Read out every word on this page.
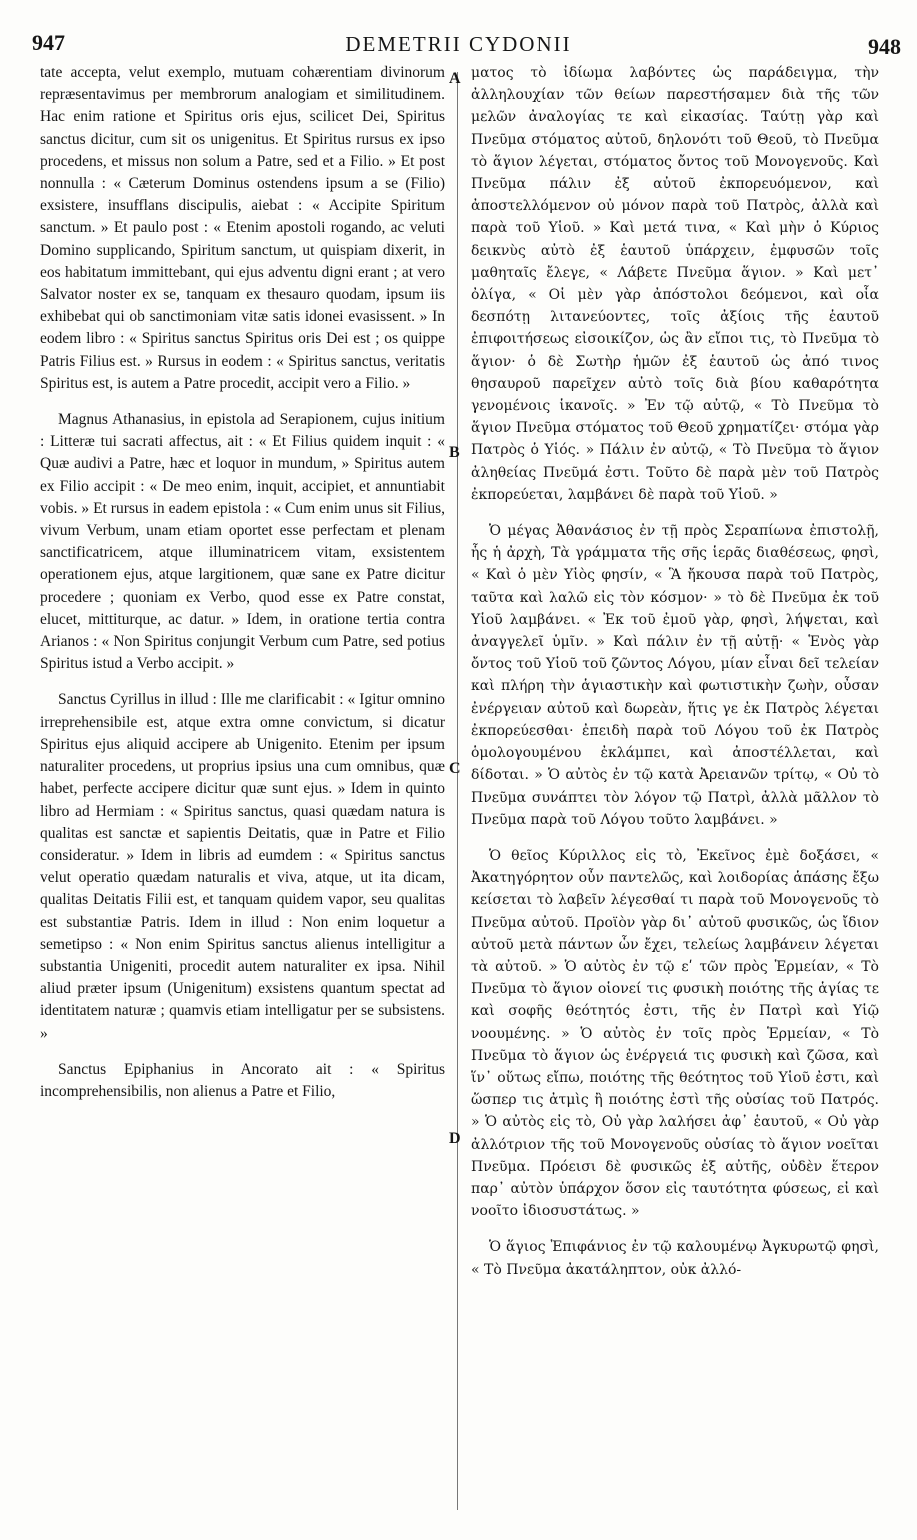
947	DEMETRII CYDONII	948

tate accepta, velut exemplo, mutuam cohærentiam divinorum repræsentavimus per membrorum analogiam et similitudinem. Hac enim ratione et Spiritus oris ejus, scilicet Dei, Spiritus sanctus dicitur, cum sit os unigenitus. Et Spiritus rursus ex ipso procedens, et missus non solum a Patre, sed et a Filio. » Et post nonnulla : « Cæterum Dominus ostendens ipsum a se (Filio) exsistere, insufflans discipulis, aiebat : « Accipite Spiritum sanctum. » Et paulo post : « Etenim apostoli rogando, ac veluti Domino supplicando, Spiritum sanctum, ut quispiam dixerit, in eos habitatum immittebant, qui ejus adventu digni erant ; at vero Salvator noster ex se, tanquam ex thesauro quodam, ipsum iis exhibebat qui ob sanctimoniam vitæ satis idonei evasissent. » In eodem libro : « Spiritus sanctus Spiritus oris Dei est ; os quippe Patris Filius est. » Rursus in eodem : « Spiritus sanctus, veritatis Spiritus est, is autem a Patre procedit, accipit vero a Filio. »

Magnus Athanasius, in epistola ad Serapionem, cujus initium : Litteræ tui sacrati affectus, ait : « Et Filius quidem inquit : « Quæ audivi a Patre, hæc et loquor in mundum, » Spiritus autem ex Filio accipit : « De meo enim, inquit, accipiet, et annuntiabit vobis. » Et rursus in eadem epistola : « Cum enim unus sit Filius, vivum Verbum, unam etiam oportet esse perfectam et plenam sanctificatricem, atque illuminatricem vitam, exsistentem operationem ejus, atque largitionem, quæ sane ex Patre dicitur procedere ; quoniam ex Verbo, quod esse ex Patre constat, elucet, mittiturque, ac datur. » Idem, in oratione tertia contra Arianos : « Non Spiritus conjungit Verbum cum Patre, sed potius Spiritus istud a Verbo accipit. »

Sanctus Cyrillus in illud : Ille me clarificabit : « Igitur omnino irreprehensibile est, atque extra omne convictum, si dicatur Spiritus ejus aliquid accipere ab Unigenito. Etenim per ipsum naturaliter procedens, ut proprius ipsius una cum omnibus, quæ habet, perfecte accipere dicitur quæ sunt ejus. » Idem in quinto libro ad Hermiam : « Spiritus sanctus, quasi quædam natura is qualitas est sanctæ et sapientis Deitatis, quæ in Patre et Filio consideratur. » Idem in libris ad eumdem : « Spiritus sanctus velut operatio quædam naturalis et viva, atque, ut ita dicam, qualitas Deitatis Filii est, et tanquam quidem vapor, seu qualitas est substantiæ Patris. Idem in illud : Non enim loquetur a semetipso : « Non enim Spiritus sanctus alienus intelligitur a substantia Unigeniti, procedit autem naturaliter ex ipsa. Nihil aliud præter ipsum (Unigenitum) exsistens quantum spectat ad identitatem naturæ ; quamvis etiam intelligatur per se subsistens. »

Sanctus Epiphanius in Ancorato ait : « Spiritus incomprehensibilis, non alienus a Patre et Filio,

A
B
C
D

ματος τὸ ἰδίωμα λαβόντες ὡς παράδειγμα, τὴν ἀλληλουχίαν τῶν θείων παρεστήσαμεν διὰ τῆς τῶν μελῶν ἀναλογίας τε καὶ εἰκασίας. Ταύτῃ γὰρ καὶ Πνεῦμα στόματος αὐτοῦ, δηλονότι τοῦ Θεοῦ, τὸ Πνεῦμα τὸ ἅγιον λέγεται, στόματος ὄντος τοῦ Μονογενοῦς. Καὶ Πνεῦμα πάλιν ἐξ αὐτοῦ ἐκπορευόμενον, καὶ ἀποστελλόμενον οὐ μόνον παρὰ τοῦ Πατρὸς, ἀλλὰ καὶ παρὰ τοῦ Υἱοῦ. » Καὶ μετά τινα, « Καὶ μὴν ὁ Κύριος δεικνὺς αὐτὸ ἐξ ἑαυτοῦ ὑπάρχειν, ἐμφυσῶν τοῖς μαθηταῖς ἔλεγε, « Λάβετε Πνεῦμα ἅγιον. » Καὶ μετ᾽ ὀλίγα, « Οἱ μὲν γὰρ ἀπόστολοι δεόμενοι, καὶ οἷα δεσπότῃ λιτανεύοντες, τοῖς ἀξίοις τῆς ἑαυτοῦ ἐπιφοιτήσεως εἰσοικίζον, ὡς ἂν εἴποι τις, τὸ Πνεῦμα τὸ ἅγιον· ὁ δὲ Σωτὴρ ἡμῶν ἐξ ἑαυτοῦ ὡς ἀπό τινος θησαυροῦ παρεῖχεν αὐτὸ τοῖς διὰ βίου καθαρότητα γενομένοις ἱκανοῖς. » Ἐν τῷ αὐτῷ, « Τὸ Πνεῦμα τὸ ἅγιον Πνεῦμα στόματος τοῦ Θεοῦ χρηματίζει· στόμα γὰρ Πατρὸς ὁ Υἱός. » Πάλιν ἐν αὐτῷ, « Τὸ Πνεῦμα τὸ ἅγιον ἀληθείας Πνεῦμά ἐστι. Τοῦτο δὲ παρὰ μὲν τοῦ Πατρὸς ἐκπορεύεται, λαμβάνει δὲ παρὰ τοῦ Υἱοῦ. »

Ὁ μέγας Ἀθανάσιος ἐν τῇ πρὸς Σεραπίωνα ἐπιστολῇ, ἧς ἡ ἀρχὴ, Τὰ γράμματα τῆς σῆς ἱερᾶς διαθέσεως, φησὶ, « Καὶ ὁ μὲν Υἱὸς φησίν, « Ἃ ἤκουσα παρὰ τοῦ Πατρὸς, ταῦτα καὶ λαλῶ εἰς τὸν κόσμον· » τὸ δὲ Πνεῦμα ἐκ τοῦ Υἱοῦ λαμβάνει. « Ἐκ τοῦ ἐμοῦ γὰρ, φησὶ, λήψεται, καὶ ἀναγγελεῖ ὑμῖν. » Καὶ πάλιν ἐν τῇ αὐτῇ· « Ἑνὸς γὰρ ὄντος τοῦ Υἱοῦ τοῦ ζῶντος Λόγου, μίαν εἶναι δεῖ τελείαν καὶ πλήρη τὴν ἁγιαστικὴν καὶ φωτιστικὴν ζωὴν, οὖσαν ἐνέργειαν αὐτοῦ καὶ δωρεὰν, ἥτις γε ἐκ Πατρὸς λέγεται ἐκπορεύεσθαι· ἐπειδὴ παρὰ τοῦ Λόγου τοῦ ἐκ Πατρὸς ὁμολογουμένου ἐκλάμπει, καὶ ἀποστέλλεται, καὶ δίδοται. » Ὁ αὐτὸς ἐν τῷ κατὰ Ἀρειανῶν τρίτῳ, « Οὐ τὸ Πνεῦμα συνάπτει τὸν λόγον τῷ Πατρὶ, ἀλλὰ μᾶλλον τὸ Πνεῦμα παρὰ τοῦ Λόγου τοῦτο λαμβάνει. »

Ὁ θεῖος Κύριλλος εἰς τὸ, Ἐκεῖνος ἐμὲ δοξάσει, « Ἀκατηγόρητον οὖν παντελῶς, καὶ λοιδορίας ἁπάσης ἔξω κείσεται τὸ λαβεῖν λέγεσθαί τι παρὰ τοῦ Μονογενοῦς τὸ Πνεῦμα αὐτοῦ. Προϊὸν γὰρ δι᾽ αὐτοῦ φυσικῶς, ὡς ἴδιον αὐτοῦ μετὰ πάντων ὧν ἔχει, τελείως λαμβάνειν λέγεται τὰ αὐτοῦ. » Ὁ αὐτὸς ἐν τῷ εʹ τῶν πρὸς Ἑρμείαν, « Τὸ Πνεῦμα τὸ ἅγιον οἱονεί τις φυσικὴ ποιότης τῆς ἁγίας τε καὶ σοφῆς θεότητός ἐστι, τῆς ἐν Πατρὶ καὶ Υἱῷ νοουμένης. » Ὁ αὐτὸς ἐν τοῖς πρὸς Ἑρμείαν, « Τὸ Πνεῦμα τὸ ἅγιον ὡς ἐνέργειά τις φυσικὴ καὶ ζῶσα, καὶ ἵν᾽ οὕτως εἴπω, ποιότης τῆς θεότητος τοῦ Υἱοῦ ἐστι, καὶ ὥσπερ τις ἀτμὶς ἢ ποιότης ἐστὶ τῆς οὐσίας τοῦ Πατρός. » Ὁ αὐτὸς εἰς τὸ, Οὐ γὰρ λαλήσει ἀφ᾽ ἑαυτοῦ, « Οὐ γὰρ ἀλλότριον τῆς τοῦ Μονογενοῦς οὐσίας τὸ ἅγιον νοεῖται Πνεῦμα. Πρόεισι δὲ φυσικῶς ἐξ αὐτῆς, οὐδὲν ἕτερον παρ᾽ αὐτὸν ὑπάρχον ὅσον εἰς ταυτότητα φύσεως, εἰ καὶ νοοῖτο ἰδιοσυστάτως. »

Ὁ ἅγιος Ἐπιφάνιος ἐν τῷ καλουμένῳ Ἀγκυρωτῷ φησὶ, « Τὸ Πνεῦμα ἀκατάληπτον, οὐκ ἀλλό-
